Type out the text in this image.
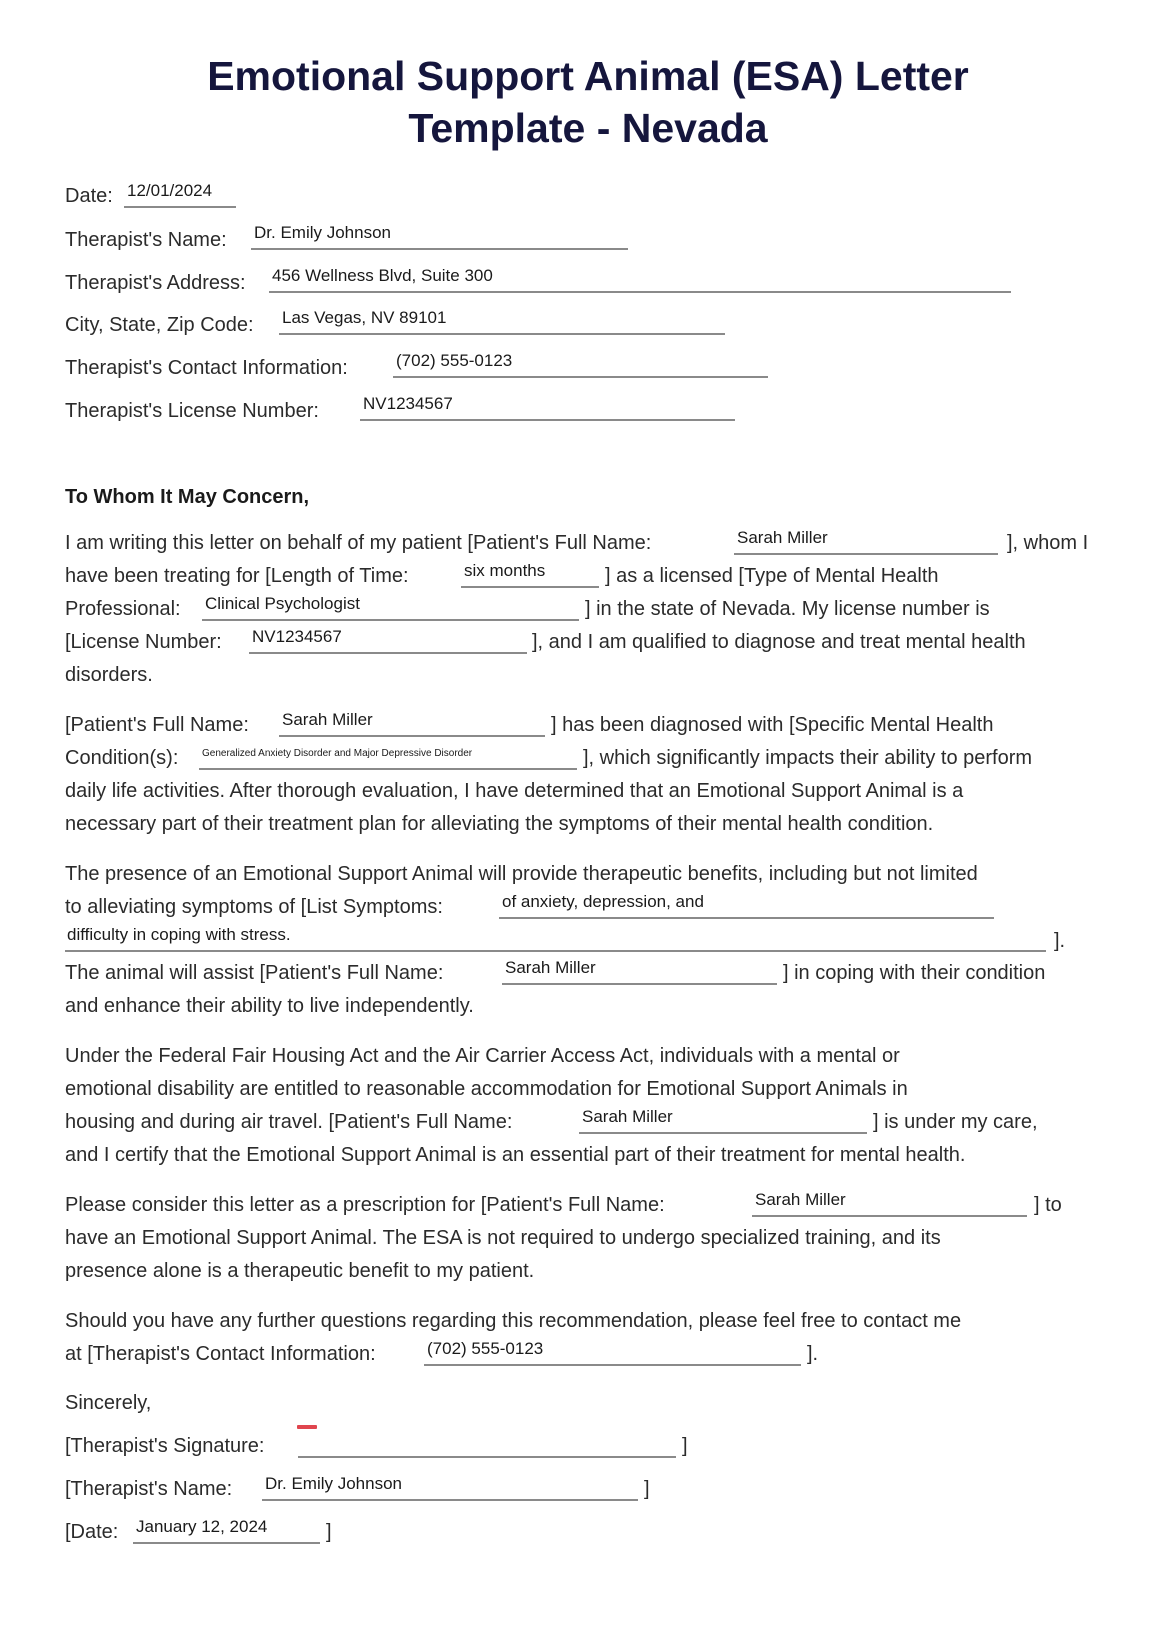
Emotional Support Animal (ESA) Letter
Template - Nevada
Date: 12/01/2024
Therapist's Name: Dr. Emily Johnson
Therapist's Address: 456 Wellness Blvd, Suite 300
City, State, Zip Code: Las Vegas, NV 89101
Therapist's Contact Information:	(702) 555-0123
Therapist's License Number:	NV1234567
To Whom It May Concern,
I am writing this letter on behalf of my patient [Patient's Full Name:	Sarah Miller	], whom I
have been treating for [Length of Time:	six months	] as a licensed [Type of Mental Health
Professional: Clinical Psychologist	] in the state of Nevada. My license number is
[License Number: NV1234567	], and I am qualified to diagnose and treat mental health
disorders.
[Patient's Full Name: Sarah Miller	] has been diagnosed with [Specific Mental Health
Condition(s): Generalized Anxiety Disorder and Major Depressive Disorder	], which significantly impacts their ability to perform
daily life activities. After thorough evaluation, I have determined that an Emotional Support Animal is a
necessary part of their treatment plan for alleviating the symptoms of their mental health condition.
The presence of an Emotional Support Animal will provide therapeutic benefits, including but not limited
to alleviating symptoms of [List Symptoms:	of anxiety, depression, and
difficulty in coping with stress.	].
The animal will assist [Patient's Full Name:	Sarah Miller	] in coping with their condition
and enhance their ability to live independently.
Under the Federal Fair Housing Act and the Air Carrier Access Act, individuals with a mental or
emotional disability are entitled to reasonable accommodation for Emotional Support Animals in
housing and during air travel. [Patient's Full Name:	Sarah Miller	] is under my care,
and I certify that the Emotional Support Animal is an essential part of their treatment for mental health.
Please consider this letter as a prescription for [Patient's Full Name:	Sarah Miller	] to
have an Emotional Support Animal. The ESA is not required to undergo specialized training, and its
presence alone is a therapeutic benefit to my patient.
Should you have any further questions regarding this recommendation, please feel free to contact me
at [Therapist's Contact Information:	(702) 555-0123	].
Sincerely,
[Therapist's Signature:	]
[Therapist's Name: Dr. Emily Johnson	]
[Date: January 12, 2024	]
